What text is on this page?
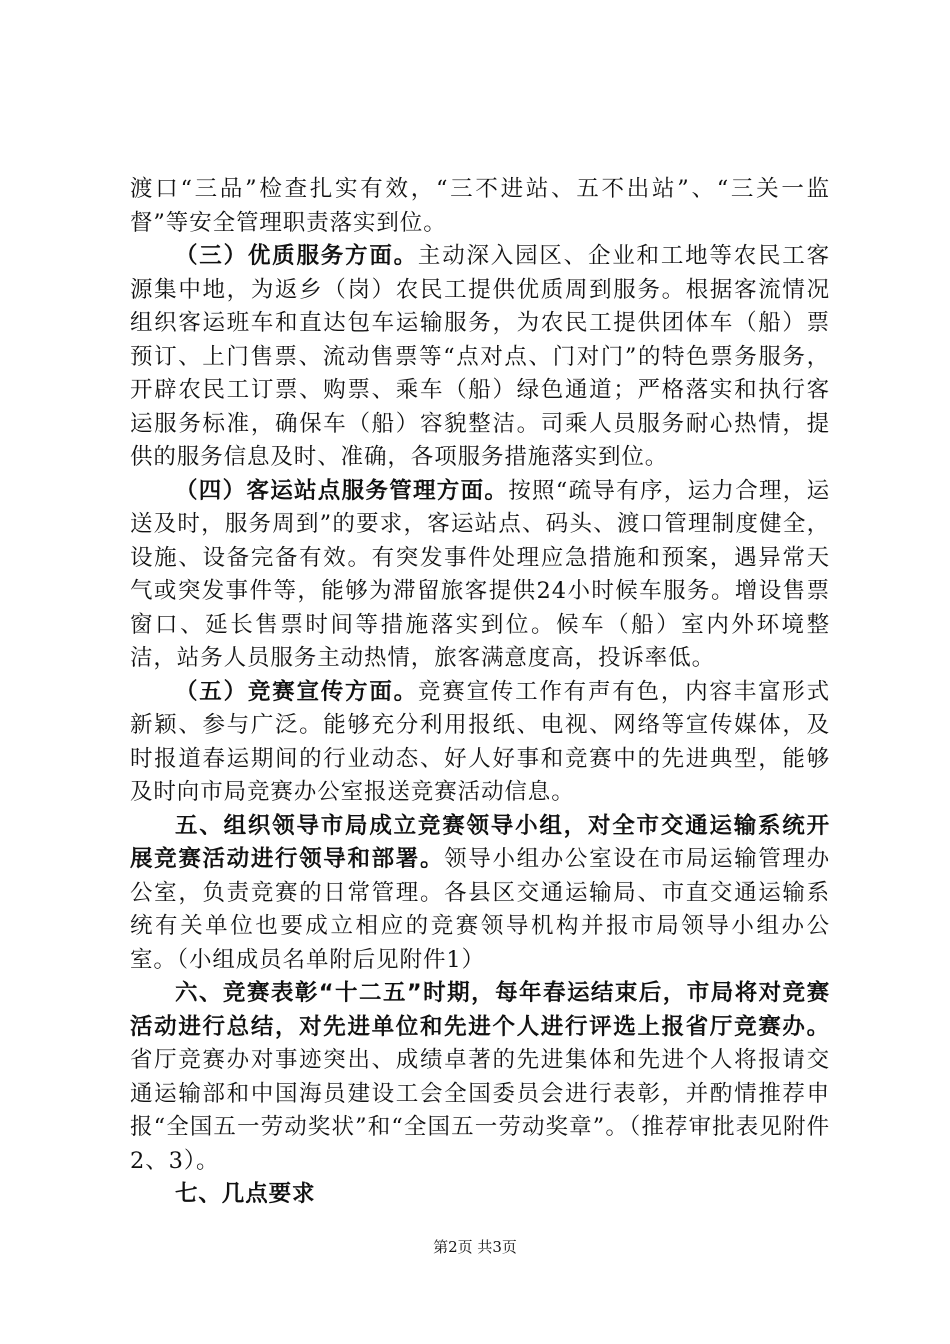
渡口“三品”检查扎实有效，“三不进站、五不出站”、“三关一监督”等安全管理职责落实到位。

（三）优质服务方面。主动深入园区、企业和工地等农民工客源集中地，为返乡（岗）农民工提供优质周到服务。根据客流情况组织客运班车和直达包车运输服务，为农民工提供团体车（船）票预订、上门售票、流动售票等“点对点、门对门”的特色票务服务，开辟农民工订票、购票、乘车（船）绿色通道；严格落实和执行客运服务标准，确保车（船）容貌整洁。司乘人员服务耐心热情，提供的服务信息及时、准确，各项服务措施落实到位。

（四）客运站点服务管理方面。按照“疏导有序，运力合理，运送及时，服务周到”的要求，客运站点、码头、渡口管理制度健全，设施、设备完备有效。有突发事件处理应急措施和预案，遇异常天气或突发事件等，能够为滞留旅客提供24小时候车服务。增设售票窗口、延长售票时间等措施落实到位。候车（船）室内外环境整洁，站务人员服务主动热情，旅客满意度高，投诉率低。

（五）竞赛宣传方面。竞赛宣传工作有声有色，内容丰富形式新颖、参与广泛。能够充分利用报纸、电视、网络等宣传媒体，及时报道春运期间的行业动态、好人好事和竞赛中的先进典型，能够及时向市局竞赛办公室报送竞赛活动信息。

五、组织领导市局成立竞赛领导小组，对全市交通运输系统开展竞赛活动进行领导和部署。领导小组办公室设在市局运输管理办公室，负责竞赛的日常管理。各县区交通运输局、市直交通运输系统有关单位也要成立相应的竞赛领导机构并报市局领导小组办公室。（小组成员名单附后见附件1）

六、竞赛表彰“十二五”时期，每年春运结束后，市局将对竞赛活动进行总结，对先进单位和先进个人进行评选上报省厅竞赛办。省厅竞赛办对事迹突出、成绩卓著的先进集体和先进个人将报请交通运输部和中国海员建设工会全国委员会进行表彰，并酌情推荐申报“全国五一劳动奖状”和“全国五一劳动奖章”。（推荐审批表见附件2、3）。

七、几点要求

第2页 共3页
